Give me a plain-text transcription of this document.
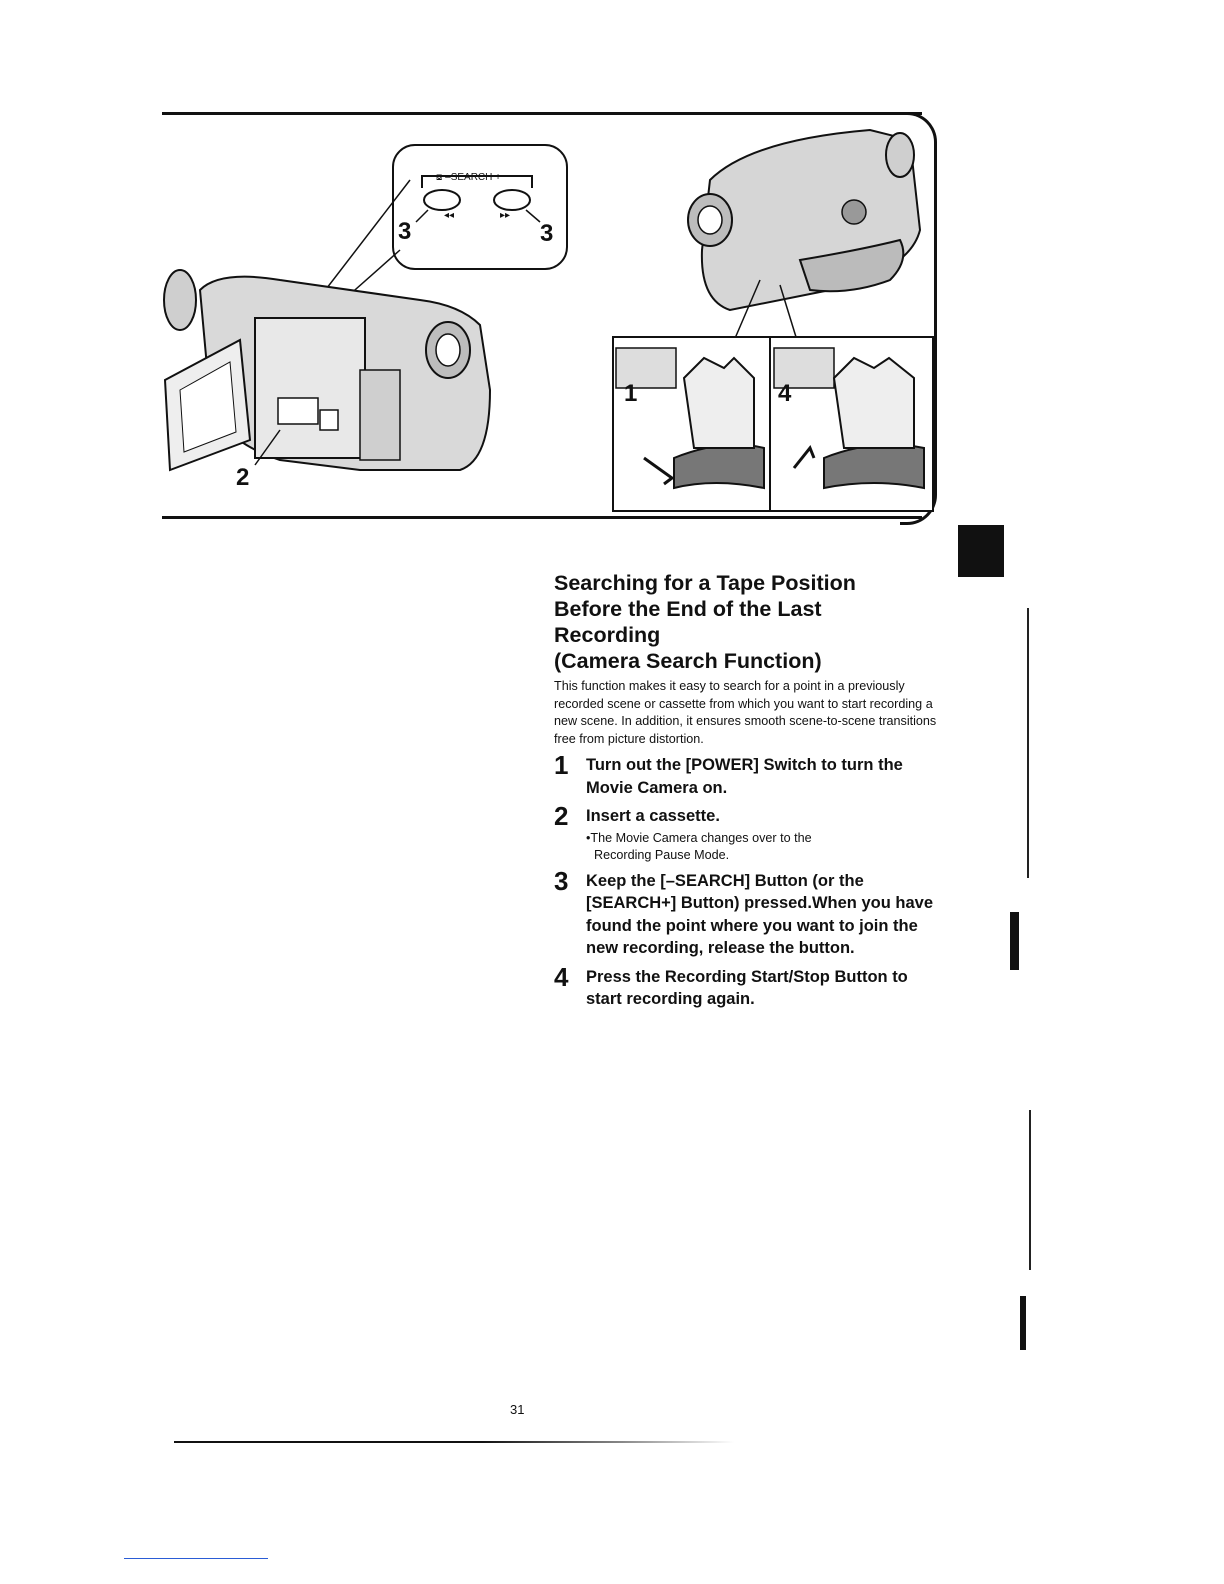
3	3
2
⧇ –SEARCH +
◂◂	▸▸
1	4
Searching for a Tape Position
Before the End of the Last
Recording
(Camera Search Function)

This function makes it easy to search for a point in a previously recorded scene or cassette from which you want to start recording a new scene. In addition, it ensures smooth scene-to-scene transitions free from picture distortion.

1 Turn out the [POWER] Switch to turn the Movie Camera on.
2 Insert a cassette.
•The Movie Camera changes over to the
Recording Pause Mode.
3 Keep the [–SEARCH] Button (or the [SEARCH+] Button) pressed.When you have found the point where you want to join the new recording, release the button.
4 Press the Recording Start/Stop Button to start recording again.
31
